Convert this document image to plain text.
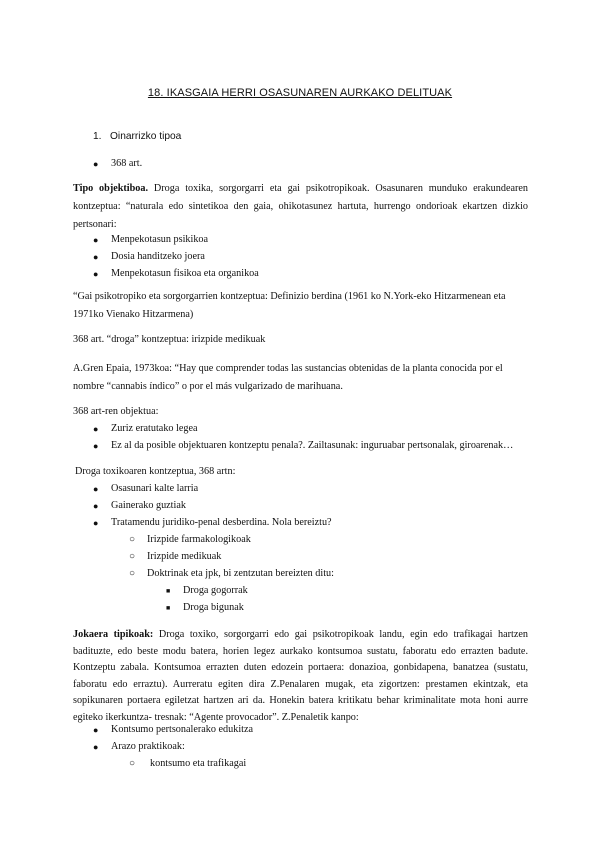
18. IKASGAIA HERRI OSASUNAREN AURKAKO DELITUAK
1. Oinarrizko tipoa
● 368 art.
Tipo objektiboa. Droga toxika, sorgorgarri eta gai psikotropikoak. Osasunaren munduko erakundearen kontzeptua: “naturala edo sintetikoa den gaia, ohikotasunez hartuta, hurrengo ondorioak ekartzen dizkio pertsonari:
● Menpekotasun psikikoa
● Dosia handitzeko joera
● Menpekotasun fisikoa eta organikoa
“Gai psikotropiko eta sorgorgarrien kontzeptua: Definizio berdina (1961 ko N.York-eko Hitzarmenean eta 1971ko Vienako Hitzarmena)
368 art. “droga” kontzeptua: irizpide medikuak
A.Gren Epaia, 1973koa: “Hay que comprender todas las sustancias obtenidas de la planta conocida por el nombre “cannabis índico” o por el más vulgarizado de marihuana.
368 art-ren objektua:
● Zuriz eratutako legea
● Ez al da posible objektuaren kontzeptu penala?. Zailtasunak: inguruabar pertsonalak, giroarenak…
Droga toxikoaren kontzeptua, 368 artn:
● Osasunari kalte larria
● Gainerako guztiak
● Tratamendu juridiko-penal desberdina. Nola bereiztu?
○ Irizpide farmakologikoak
○ Irizpide medikuak
○ Doktrinak eta jpk, bi zentzutan bereizten ditu:
■ Droga gogorrak
■ Droga bigunak
Jokaera tipikoak: Droga toxiko, sorgorgarri edo gai psikotropikoak landu, egin edo trafikagai hartzen
badituzte, edo beste modu batera, horien legez aurkako kontsumoa sustatu, faboratu edo errazten badute.
Kontzeptu zabala. Kontsumoa errazten duten edozein portaera: donazioa, gonbidapena, banatzea (sustatu,
faboratu edo erraztu). Aurreratu egiten dira Z.Penalaren mugak, eta zigortzen: prestamen ekintzak, eta
sopikunaren portaera egiletzat hartzen ari da. Honekin batera kritikatu behar kriminalitate mota honi aurre
egiteko ikerkuntza- tresnak: “Agente provocador”. Z.Penaletik kanpo:
● Kontsumo pertsonalerako edukitza
● Arazo praktikoak:
○ kontsumo eta trafikagai
